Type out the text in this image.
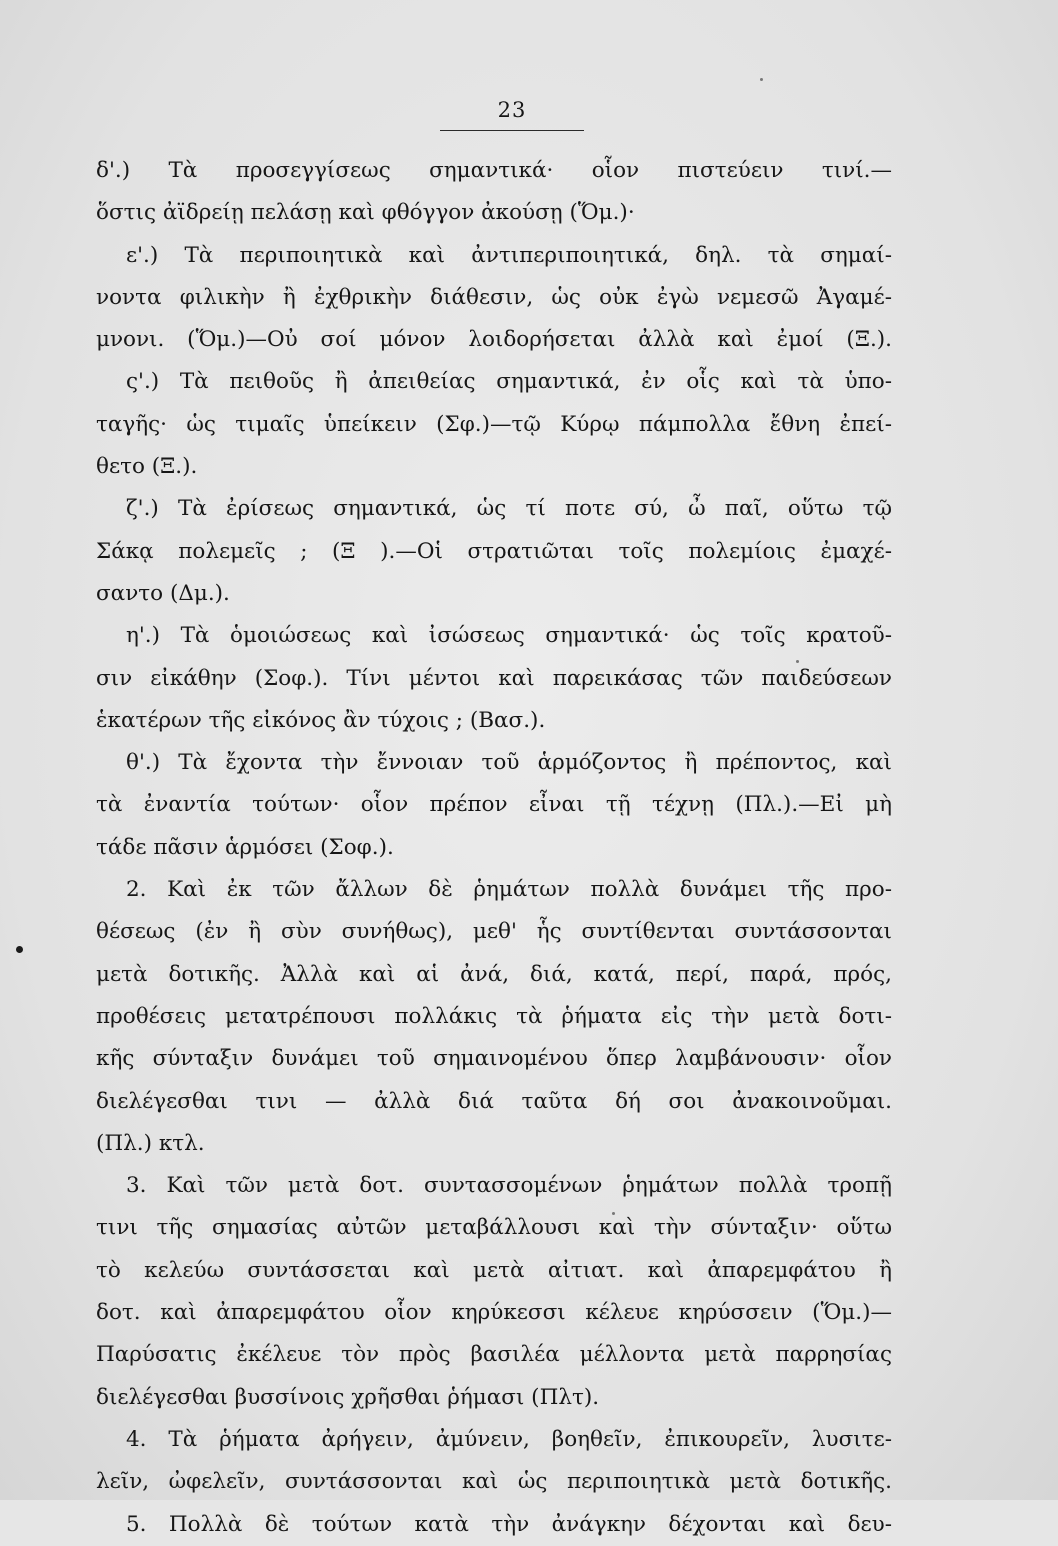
23
δ'.) Τὰ προσεγγίσεως σημαντικά· οἷον πιστεύειν τινί.—
ὅστις ἀϊδρείῃ πελάσῃ καὶ φθόγγον ἀκούσῃ (Ὅμ.)·
ε'.) Τὰ περιποιητικὰ καὶ ἀντιπεριποιητικά, δηλ. τὰ σημαί-
νοντα φιλικὴν ἢ ἐχθρικὴν διάθεσιν, ὡς οὐκ ἐγὼ νεμεσῶ Ἀγαμέ-
μνονι. (Ὅμ.)—Οὐ σοί μόνον λοιδορήσεται ἀλλὰ καὶ ἐμοί (Ξ.).
ς'.) Τὰ πειθοῦς ἢ ἀπειθείας σημαντικά, ἐν οἷς καὶ τὰ ὑπο-
ταγῆς· ὡς τιμαῖς ὑπείκειν (Σφ.)—τῷ Κύρῳ πάμπολλα ἔθνη ἐπεί-
θετο (Ξ.).
ζ'.) Τὰ ἐρίσεως σημαντικά, ὡς τί ποτε σύ, ὦ παῖ, οὕτω τῷ
Σάκᾳ πολεμεῖς ; (Ξ ).—Οἱ στρατιῶται τοῖς πολεμίοις ἐμαχέ-
σαντο (Δμ.).
η'.) Τὰ ὁμοιώσεως καὶ ἰσώσεως σημαντικά· ὡς τοῖς κρατοῦ-
σιν εἰκάθην (Σοφ.). Τίνι μέντοι καὶ παρεικάσας τῶν παιδεύσεων
ἑκατέρων τῆς εἰκόνος ἂν τύχοις ; (Βασ.).
θ'.) Τὰ ἔχοντα τὴν ἔννοιαν τοῦ ἁρμόζοντος ἢ πρέποντος, καὶ
τὰ ἐναντία τούτων· οἷον πρέπον εἶναι τῇ τέχνῃ (Πλ.).—Εἰ μὴ
τάδε πᾶσιν ἁρμόσει (Σοφ.).
2. Καὶ ἐκ τῶν ἄλλων δὲ ῥημάτων πολλὰ δυνάμει τῆς προ-
θέσεως (ἐν ἢ σὺν συνήθως), μεθ' ἧς συντίθενται συντάσσονται
μετὰ δοτικῆς. Ἀλλὰ καὶ αἱ ἀνά, διά, κατά, περί, παρά, πρός,
προθέσεις μετατρέπουσι πολλάκις τὰ ῥήματα εἰς τὴν μετὰ δοτι-
κῆς σύνταξιν δυνάμει τοῦ σημαινομένου ὅπερ λαμβάνουσιν· οἷον
διελέγεσθαι τινι — ἀλλὰ διά ταῦτα δή σοι ἀνακοινοῦμαι.
(Πλ.) κτλ.
3. Καὶ τῶν μετὰ δοτ. συντασσομένων ῥημάτων πολλὰ τροπῇ
τινι τῆς σημασίας αὐτῶν μεταβάλλουσι καὶ τὴν σύνταξιν· οὕτω
τὸ κελεύω συντάσσεται καὶ μετὰ αἰτιατ. καὶ ἀπαρεμφάτου ἢ
δοτ. καὶ ἀπαρεμφάτου οἷον κηρύκεσσι κέλευε κηρύσσειν (Ὅμ.)—
Παρύσατις ἐκέλευε τὸν πρὸς βασιλέα μέλλοντα μετὰ παρρησίας
διελέγεσθαι βυσσίνοις χρῆσθαι ῥήμασι (Πλτ).
4. Τὰ ῥήματα ἀρήγειν, ἀμύνειν, βοηθεῖν, ἐπικουρεῖν, λυσιτε-
λεῖν, ὠφελεῖν, συντάσσονται καὶ ὡς περιποιητικὰ μετὰ δοτικῆς.
5. Πολλὰ δὲ τούτων κατὰ τὴν ἀνάγκην δέχονται καὶ δευ-
